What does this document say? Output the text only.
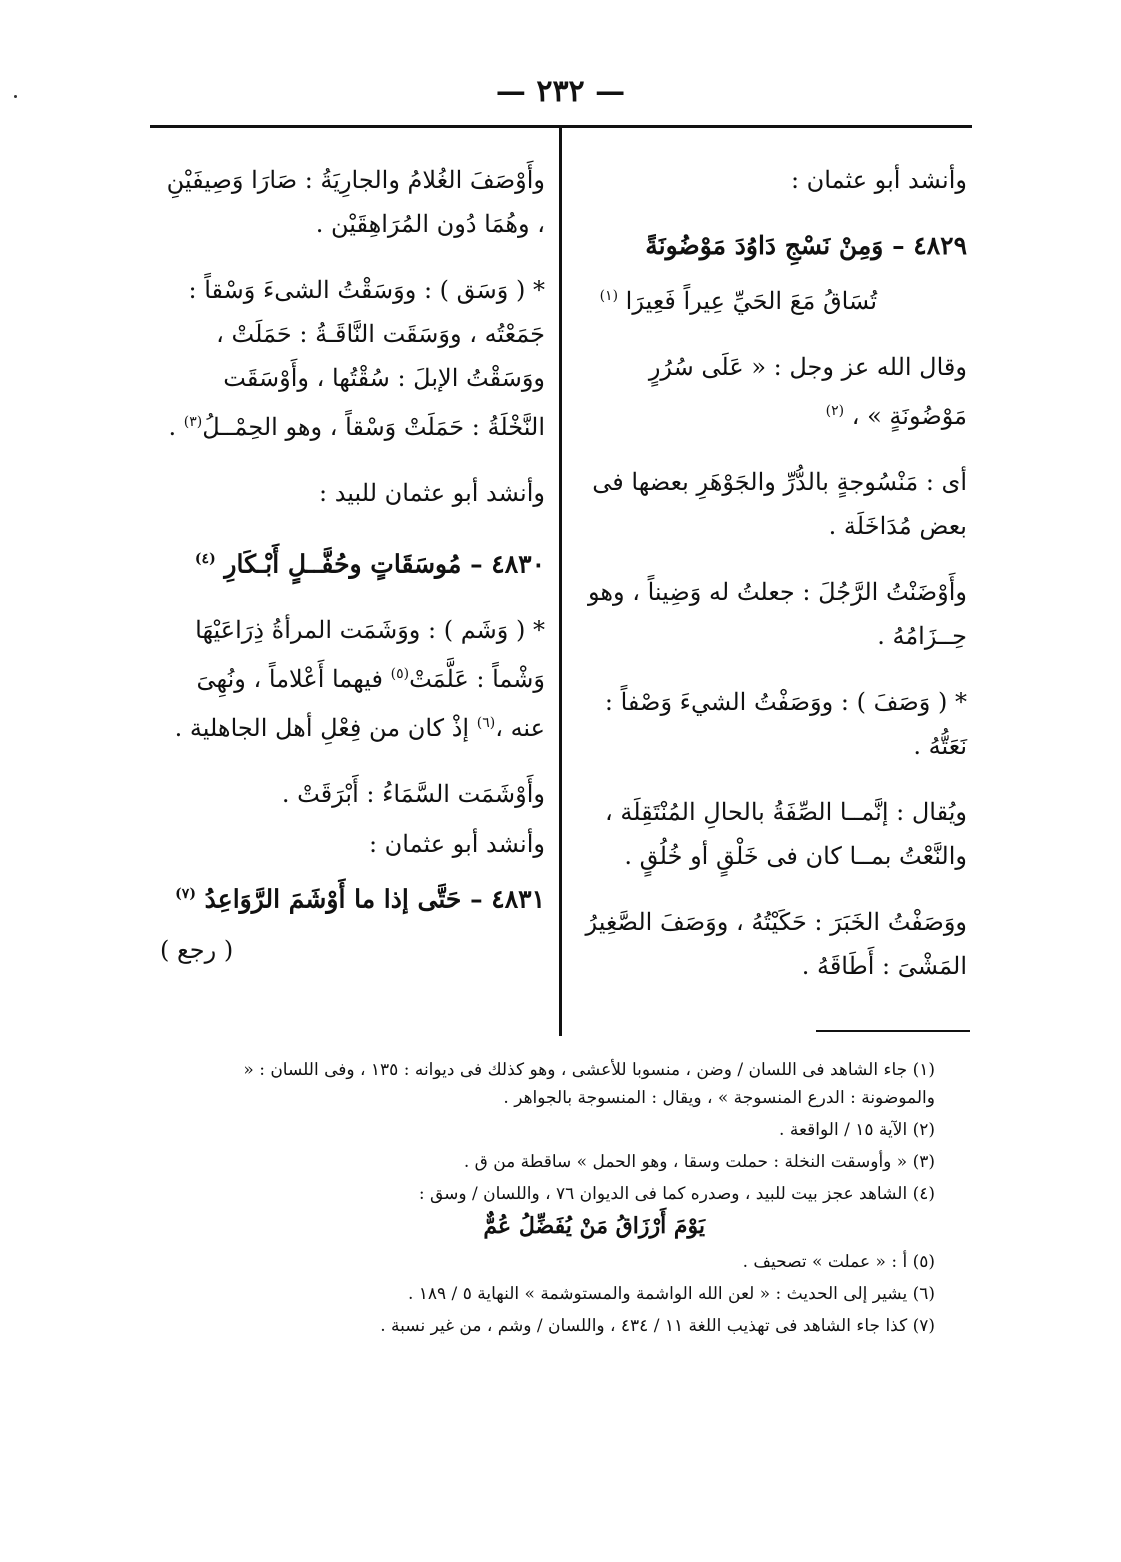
— ٢٣٢ —

وأنشد أبو عثمان :

٤٨٢٩ – وَمِنْ نَسْجِ دَاوُدَ مَوْضُونَةً

تُسَاقُ مَعَ الحَيِّ عِيراً فَعِيرَا $^{(١)}$

وقال الله عز وجل : « عَلَى سُرُرٍ مَوْضُونَةٍ » ، $^{(٢)}$

أى : مَنْسُوجةٍ بالدُّرِّ والجَوْهَرِ بعضها فى بعض مُدَاخَلَة .

وأَوْضَنْتُ الرَّجُلَ : جعلتُ له وَضِيناً ، وهو حِــزَامُهُ .

* ( وَصَفَ ) : ووَصَفْتُ الشيءَ وَصْفاً : نَعَتُّهُ .

ويُقال : إنَّمــا الصِّفَةُ بالحالِ المُنْتَقِلَة ، والنَّعْتُ بمــا كان فى خَلْقٍ أو خُلُقٍ .

ووَصَفْتُ الخَبَرَ : حَكَيْتُهُ ، ووَصَفَ الصَّغِيرُ المَشْىَ : أَطَاقَهُ .

وأَوْصَفَ الغُلامُ والجارِيَةُ : صَارَا وَصِيفَيْنِ ، وهُمَا دُون المُرَاهِقَيْن .

* ( وَسَق ) : ووَسَقْتُ الشىءَ وَسْقاً : جَمَعْتُه ، ووَسَقَت النَّاقَـةُ : حَمَلَتْ ، ووَسَقْتُ الإبلَ : سُقْتُها ، وأَوْسَقَت النَّخْلَةُ : حَمَلَتْ وَسْقاً ، وهو الحِمْــلُ$^{(٣)}$ .

وأنشد أبو عثمان للبيد :

٤٨٣٠ – مُوسَقَاتٍ وحُفَّــلٍ أَبْـكَارِ $^{(٤)}$

* ( وَشَم ) : ووَشَمَت المرأةُ ذِرَاعَيْهَا وَشْماً : عَلَّمَتْ$^{(٥)}$ فيهما أَعْلاماً ، ونُهِىَ عنه ،$^{(٦)}$ إذْ كان من فِعْلِ أهل الجاهلية .

وأَوْشَمَت السَّمَاءُ : أَبْرَقَتْ .

وأنشد أبو عثمان :

٤٨٣١ – حَتَّى إذا ما أَوْشَمَ الرَّوَاعِدُ $^{(٧)}$

( رجع )

(١) جاء الشاهد فى اللسان / وضن ، منسوبا للأعشى ، وهو كذلك فى ديوانه : ١٣٥ ، وفى اللسان : « والموضونة : الدرع المنسوجة » ، ويقال : المنسوجة بالجواهر .

(٢) الآية ١٥ / الواقعة .

(٣) « وأوسقت النخلة : حملت وسقا ، وهو الحمل » ساقطة من ق .

(٤) الشاهد عجز بيت للبيد ، وصدره كما فى الديوان ٧٦ ، واللسان / وسق :

يَوْمَ أَرْزَاقُ مَنْ يُفَضِّلُ عُمٌّ

(٥) أ : « عملت » تصحيف .

(٦) يشير إلى الحديث : « لعن الله الواشمة والمستوشمة » النهاية ٥ / ١٨٩ .

(٧) كذا جاء الشاهد فى تهذيب اللغة ١١ / ٤٣٤ ، واللسان / وشم ، من غير نسبة .
